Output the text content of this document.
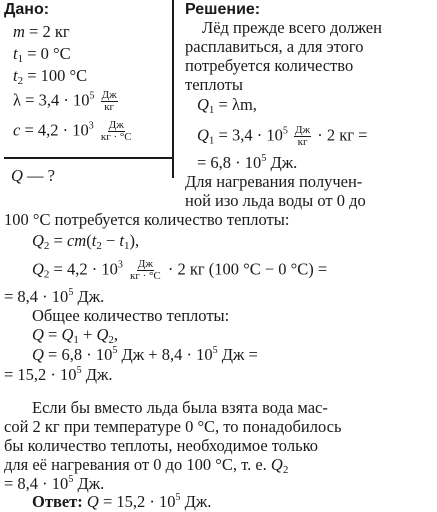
Дано:
m = 2 кг
$t_1 = 0$ °С
$t_2 = 100$ °С
$\lambda = 3,4 \cdot 10^5 \frac{Дж}{кг}$
$c = 4,2 \cdot 10^3 \frac{Дж}{кг \cdot ^\circ С}$
Q — ?
Решение:
Лёд прежде всего должен
расплавиться, а для этого
потребуется количество
теплоты
$Q_1 = \lambda m$,
$Q_1 = 3,4 \cdot 10^5 \frac{Дж}{кг} \cdot 2$ кг =
= $6,8 \cdot 10^5$ Дж.
Для нагревания получен-
ной изо льда воды от 0 до
100 °С потребуется количество теплоты:
$Q_2 = cm(t_2 - t_1)$,
$Q_2 = 4,2 \cdot 10^3 \frac{Дж}{кг \cdot ^\circ С} \cdot 2$ кг (100 °С − 0 °С) =
= $8,4 \cdot 10^5$ Дж.
Общее количество теплоты:
$Q = Q_1 + Q_2$,
$Q = 6,8 \cdot 10^5$ Дж + $8,4 \cdot 10^5$ Дж =
= $15,2 \cdot 10^5$ Дж.
Если бы вместо льда была взята вода мас-
сой 2 кг при температуре 0 °С, то понадобилось
бы количество теплоты, необходимое только
для её нагревания от 0 до 100 °С, т. е. $Q_2$
= $8,4 \cdot 10^5$ Дж.
Ответ: $Q = 15,2 \cdot 10^5$ Дж.
